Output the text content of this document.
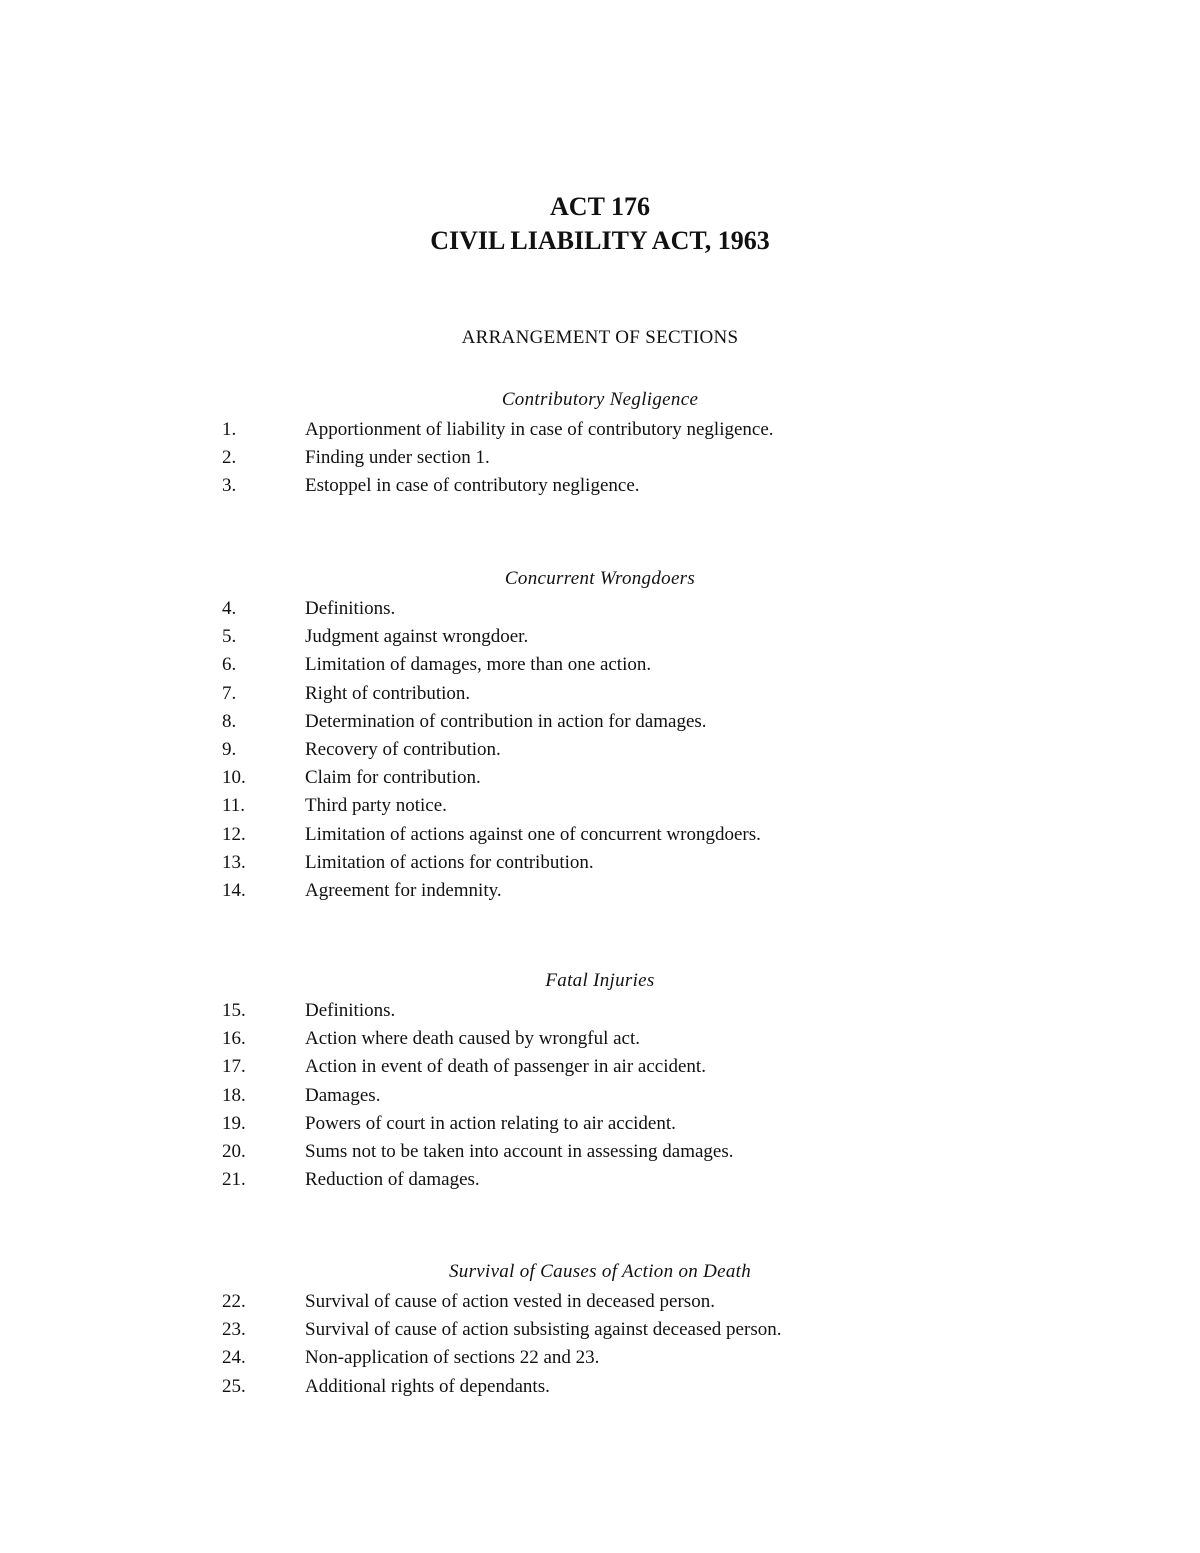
ACT 176

CIVIL LIABILITY ACT, 1963

ARRANGEMENT OF SECTIONS
Contributory Negligence
1.	Apportionment of liability in case of contributory negligence.
2.	Finding under section 1.
3.	Estoppel in case of contributory negligence.
Concurrent Wrongdoers
4.	Definitions.
5.	Judgment against wrongdoer.
6.	Limitation of damages, more than one action.
7.	Right of contribution.
8.	Determination of contribution in action for damages.
9.	Recovery of contribution.
10.	Claim for contribution.
11.	Third party notice.
12.	Limitation of actions against one of concurrent wrongdoers.
13.	Limitation of actions for contribution.
14.	Agreement for indemnity.
Fatal Injuries
15.	Definitions.
16.	Action where death caused by wrongful act.
17.	Action in event of death of passenger in air accident.
18.	Damages.
19.	Powers of court in action relating to air accident.
20.	Sums not to be taken into account in assessing damages.
21.	Reduction of damages.
Survival of Causes of Action on Death
22.	Survival of cause of action vested in deceased person.
23.	Survival of cause of action subsisting against deceased person.
24.	Non-application of sections 22 and 23.
25.	Additional rights of dependants.
